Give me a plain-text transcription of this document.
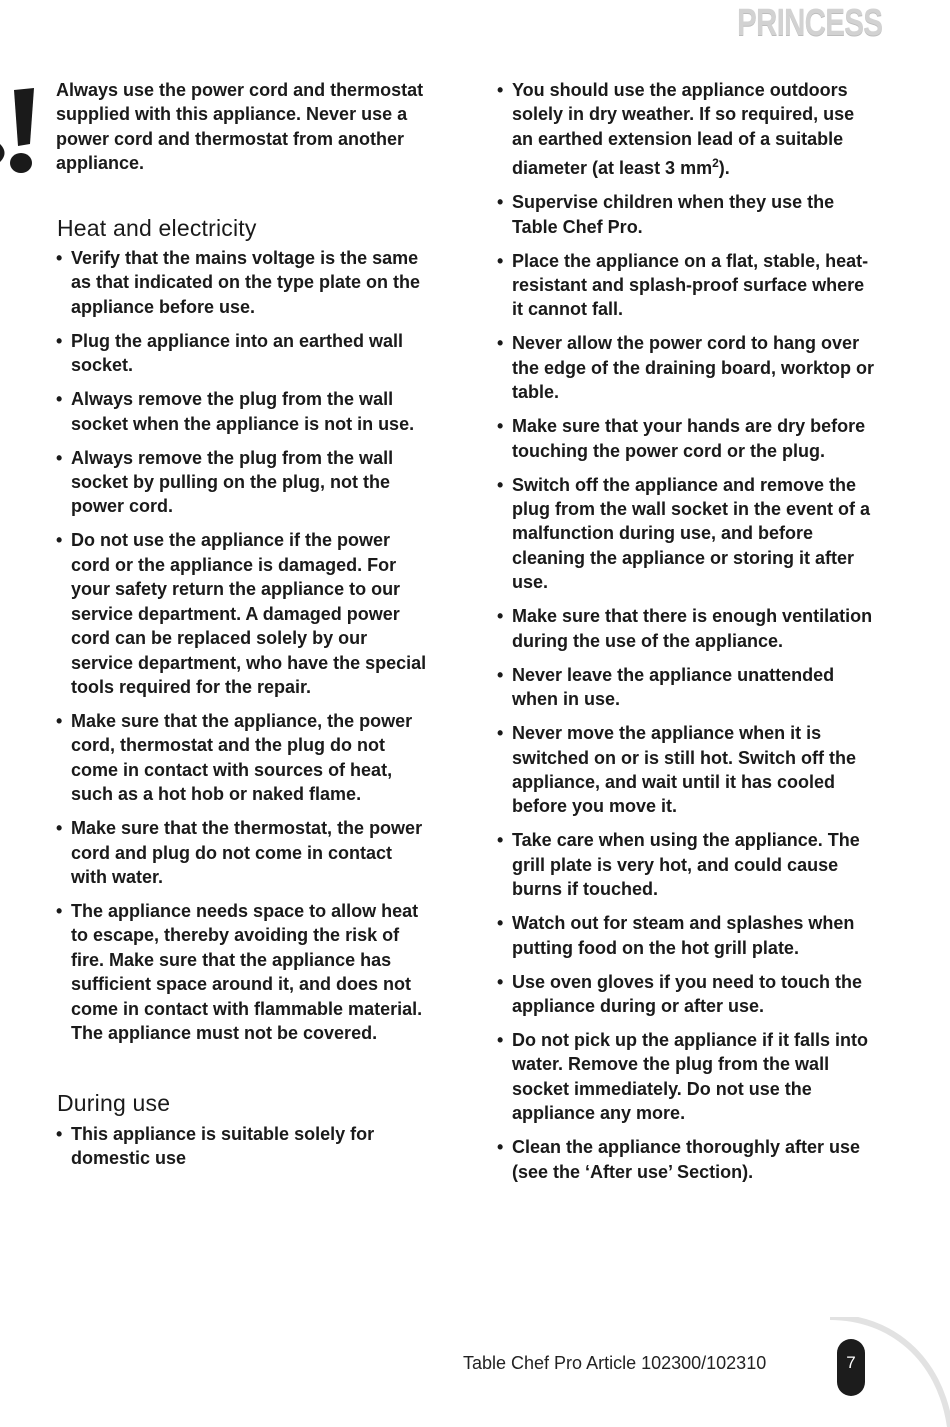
PRINCESS

Always use the power cord and thermostat supplied with this appliance. Never use a power cord and thermostat from another appliance.

Heat and electricity
• Verify that the mains voltage is the same as that indicated on the type plate on the appliance before use.
• Plug the appliance into an earthed wall socket.
• Always remove the plug from the wall socket when the appliance is not in use.
• Always remove the plug from the wall socket by pulling on the plug, not the power cord.
• Do not use the appliance if the power cord or the appliance is damaged. For your safety return the appliance to our service department. A damaged power cord can be replaced solely by our service department, who have the special tools required for the repair.
• Make sure that the appliance, the power cord, thermostat and the plug do not come in contact with sources of heat, such as a hot hob or naked flame.
• Make sure that the thermostat, the power cord and plug do not come in contact with water.
• The appliance needs space to allow heat to escape, thereby avoiding the risk of fire. Make sure that the appliance has sufficient space around it, and does not come in contact with flammable material. The appliance must not be covered.
During use
• This appliance is suitable solely for domestic use
• You should use the appliance outdoors solely in dry weather. If so required, use an earthed extension lead of a suitable diameter (at least 3 $mm^2$).
• Supervise children when they use the Table Chef Pro.
• Place the appliance on a flat, stable, heat-resistant and splash-proof surface where it cannot fall.
• Never allow the power cord to hang over the edge of the draining board, worktop or table.
• Make sure that your hands are dry before touching the power cord or the plug.
• Switch off the appliance and remove the plug from the wall socket in the event of a malfunction during use, and before cleaning the appliance or storing it after use.
• Make sure that there is enough ventilation during the use of the appliance.
• Never leave the appliance unattended when in use.
• Never move the appliance when it is switched on or is still hot. Switch off the appliance, and wait until it has cooled before you move it.
• Take care when using the appliance. The grill plate is very hot, and could cause burns if touched.
• Watch out for steam and splashes when putting food on the hot grill plate.
• Use oven gloves if you need to touch the appliance during or after use.
• Do not pick up the appliance if it falls into water. Remove the plug from the wall socket immediately. Do not use the appliance any more.
• Clean the appliance thoroughly after use (see the ‘After use’ Section).
Table Chef Pro Article 102300/102310	7
